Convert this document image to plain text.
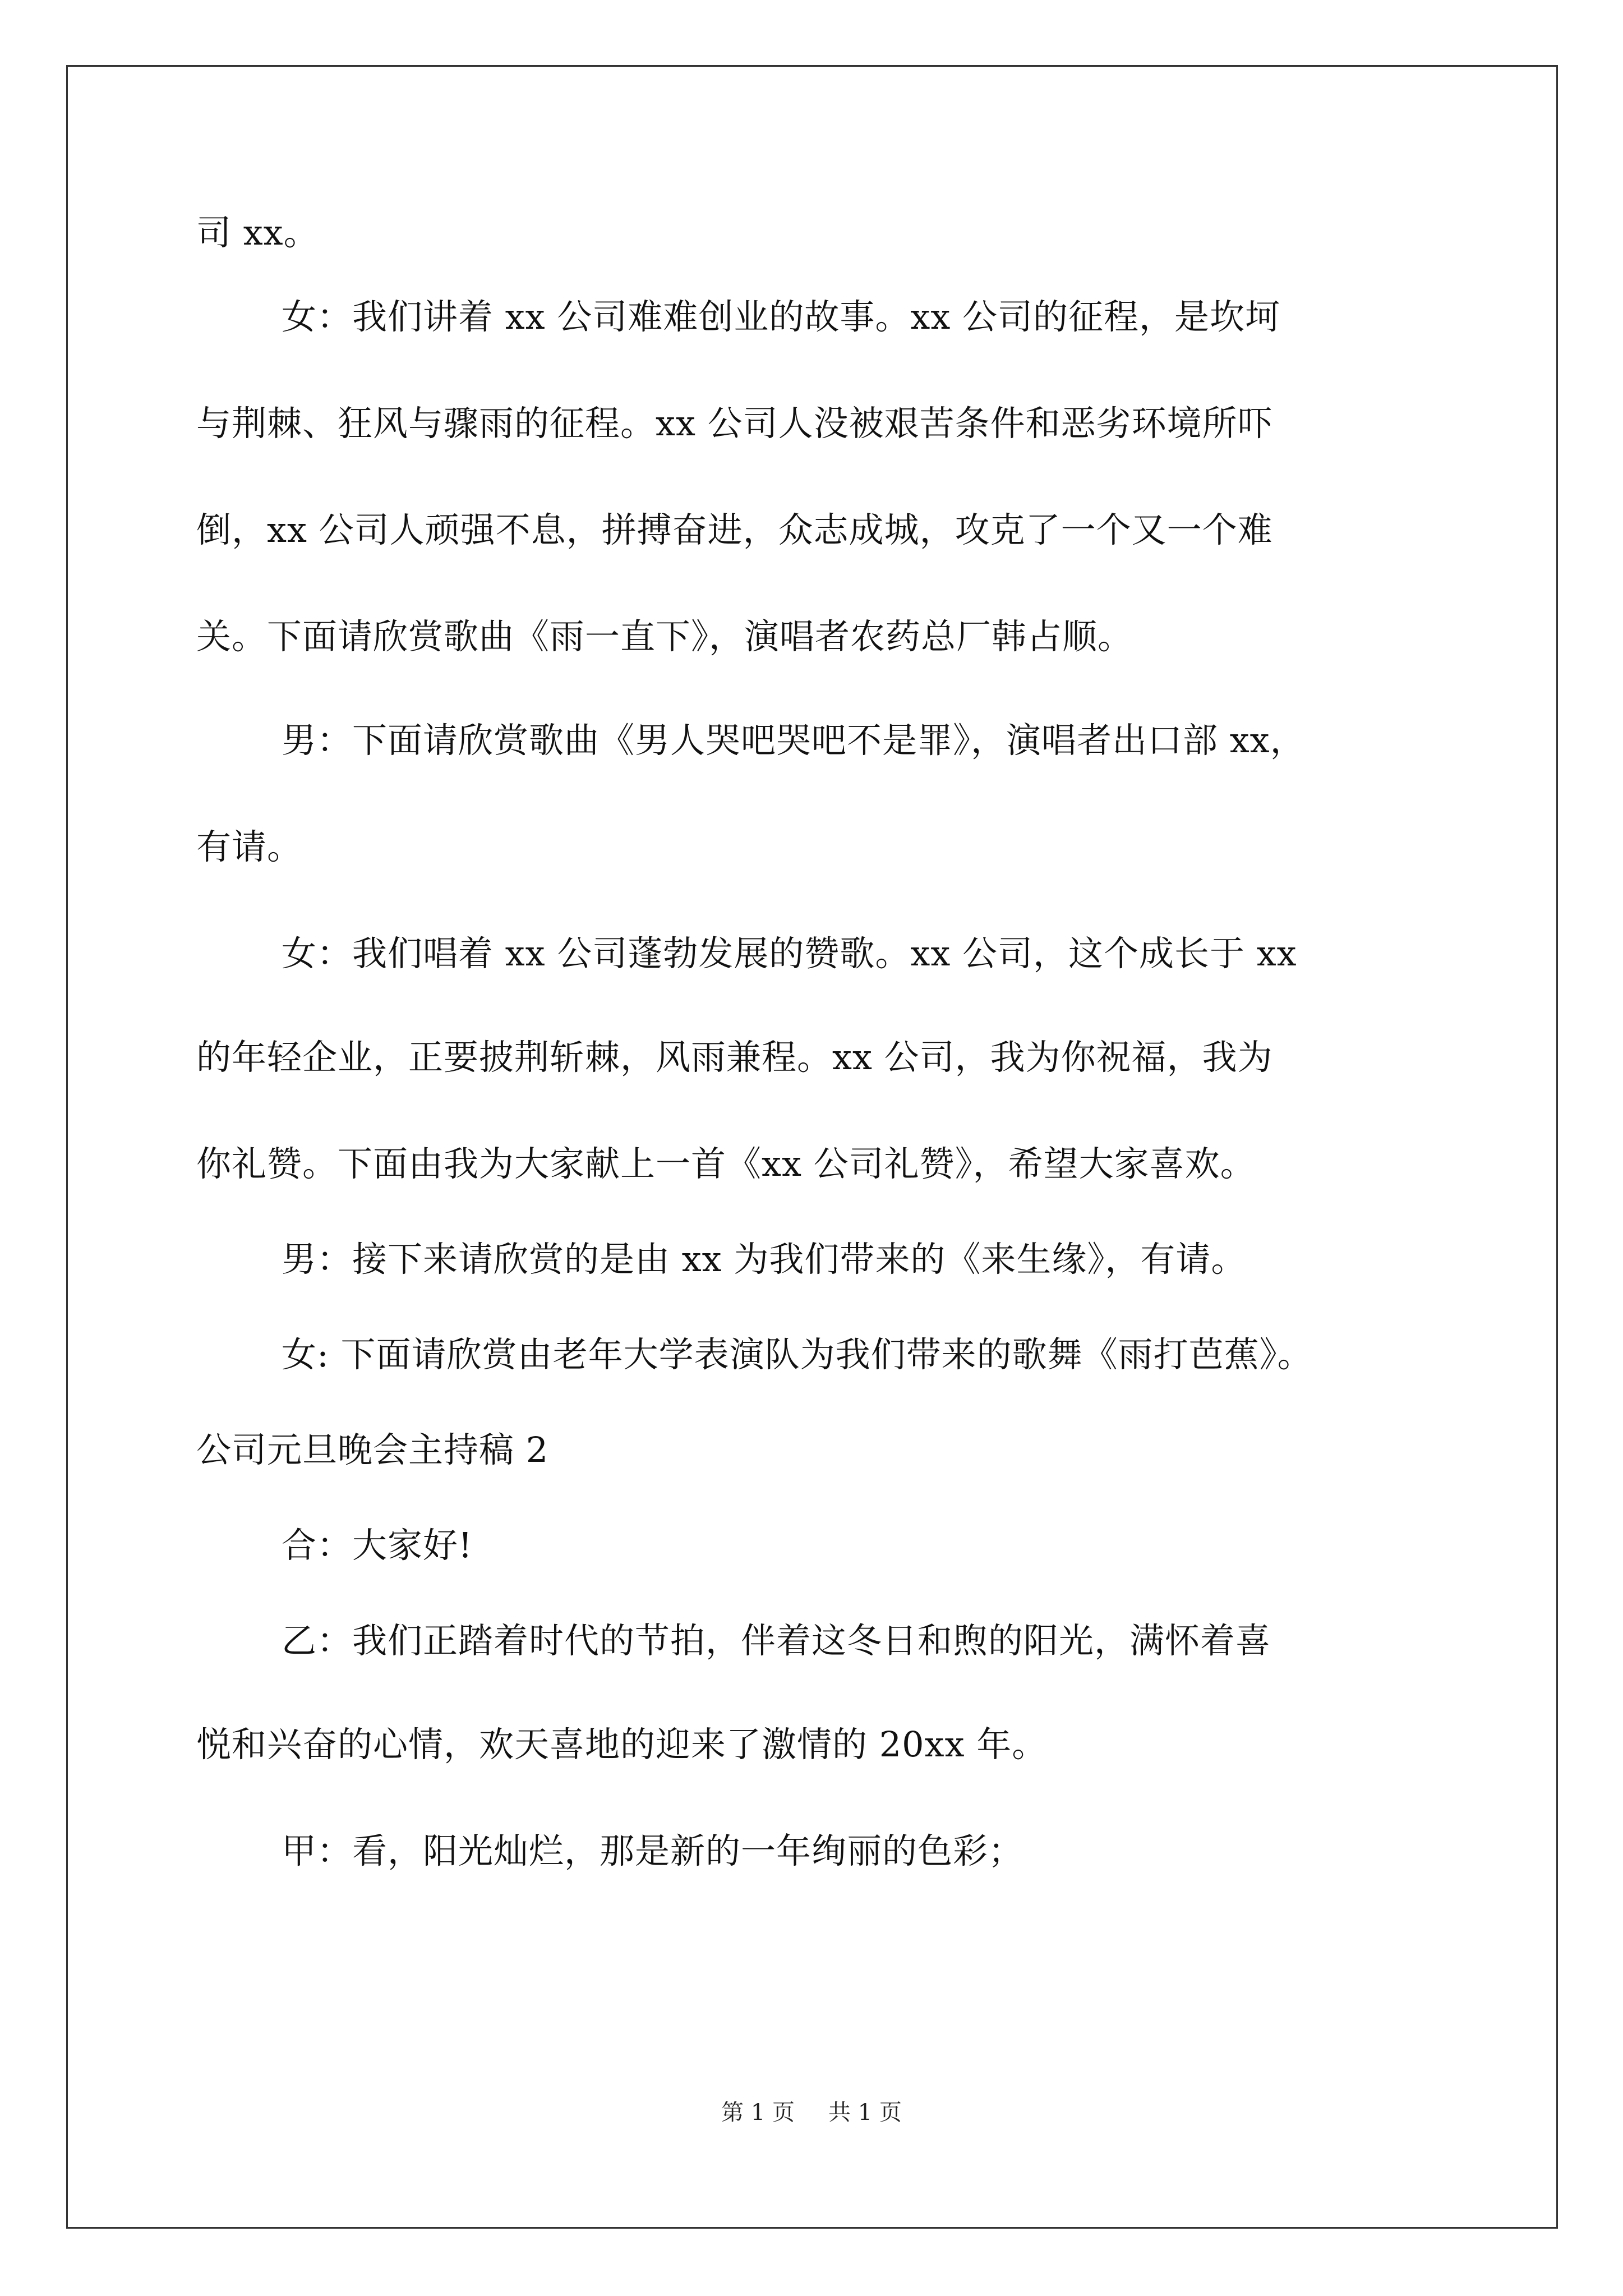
司 xx。
女：我们讲着 xx 公司难难创业的故事。xx 公司的征程，是坎坷
与荆棘、狂风与骤雨的征程。xx 公司人没被艰苦条件和恶劣环境所吓
倒，xx 公司人顽强不息，拼搏奋进，众志成城，攻克了一个又一个难
关。下面请欣赏歌曲《雨一直下》，演唱者农药总厂韩占顺。
男：下面请欣赏歌曲《男人哭吧哭吧不是罪》，演唱者出口部 xx，
有请。
女：我们唱着 xx 公司蓬勃发展的赞歌。xx 公司，这个成长于 xx
的年轻企业，正要披荆斩棘，风雨兼程。xx 公司，我为你祝福，我为
你礼赞。下面由我为大家献上一首《xx 公司礼赞》，希望大家喜欢。
男：接下来请欣赏的是由 xx 为我们带来的《来生缘》，有请。
女: 下面请欣赏由老年大学表演队为我们带来的歌舞《雨打芭蕉》。
公司元旦晚会主持稿 2
合：大家好!
乙：我们正踏着时代的节拍，伴着这冬日和煦的阳光，满怀着喜
悦和兴奋的心情，欢天喜地的迎来了激情的 20xx 年。
甲：看，阳光灿烂，那是新的一年绚丽的色彩；
第 1 页 共 1 页
